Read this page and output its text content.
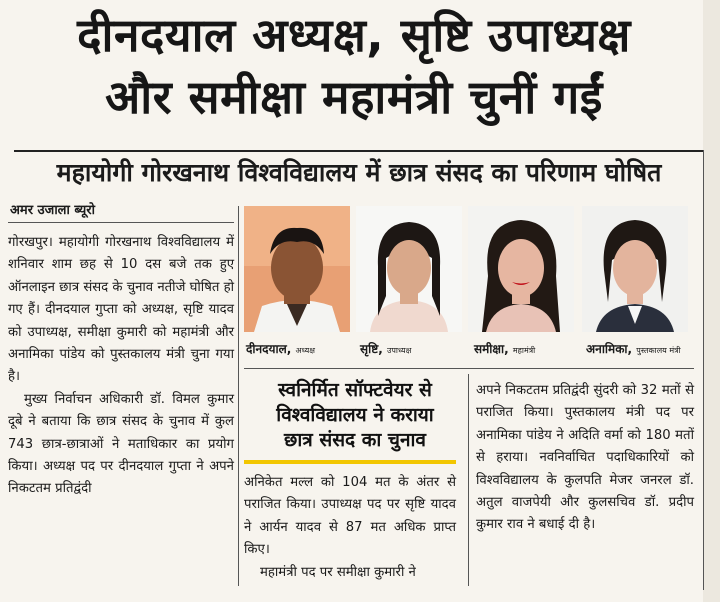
दीनदयाल अध्यक्ष, सृष्टि उपाध्यक्ष
और समीक्षा महामंत्री चुनीं गईं
महायोगी गोरखनाथ विश्वविद्यालय में छात्र संसद का परिणाम घोषित
अमर उजाला ब्यूरो

गोरखपुर। महायोगी गोरखनाथ विश्वविद्यालय में शनिवार शाम छह से 10 दस बजे तक हुए ऑनलाइन छात्र संसद के चुनाव नतीजे घोषित हो गए हैं। दीनदयाल गुप्ता को अध्यक्ष, सृष्टि यादव को उपाध्यक्ष, समीक्षा कुमारी को महामंत्री और अनामिका पांडेय को पुस्तकालय मंत्री चुना गया है।

मुख्य निर्वाचन अधिकारी डॉ. विमल कुमार दूबे ने बताया कि छात्र संसद के चुनाव में कुल 743 छात्र-छात्राओं ने मताधिकार का प्रयोग किया। अध्यक्ष पद पर दीनदयाल गुप्ता ने अपने निकटतम प्रतिद्वंदी

दीनदयाल, अध्यक्ष	सृष्टि, उपाध्यक्ष	समीक्षा, महामंत्री	अनामिका, पुस्तकालय मंत्री
स्वनिर्मित सॉफ्टवेयर से
विश्वविद्यालय ने कराया
छात्र संसद का चुनाव

अनिकेत मल्ल को 104 मत के अंतर से पराजित किया। उपाध्यक्ष पद पर सृष्टि यादव ने आर्यन यादव से 87 मत अधिक प्राप्त किए।

महामंत्री पद पर समीक्षा कुमारी ने

अपने निकटतम प्रतिद्वंदी सुंदरी को 32 मतों से पराजित किया। पुस्तकालय मंत्री पद पर अनामिका पांडेय ने अदिति वर्मा को 180 मतों से हराया। नवनिर्वाचित पदाधिकारियों को विश्वविद्यालय के कुलपति मेजर जनरल डॉ. अतुल वाजपेयी और कुलसचिव डॉ. प्रदीप कुमार राव ने बधाई दी है।
